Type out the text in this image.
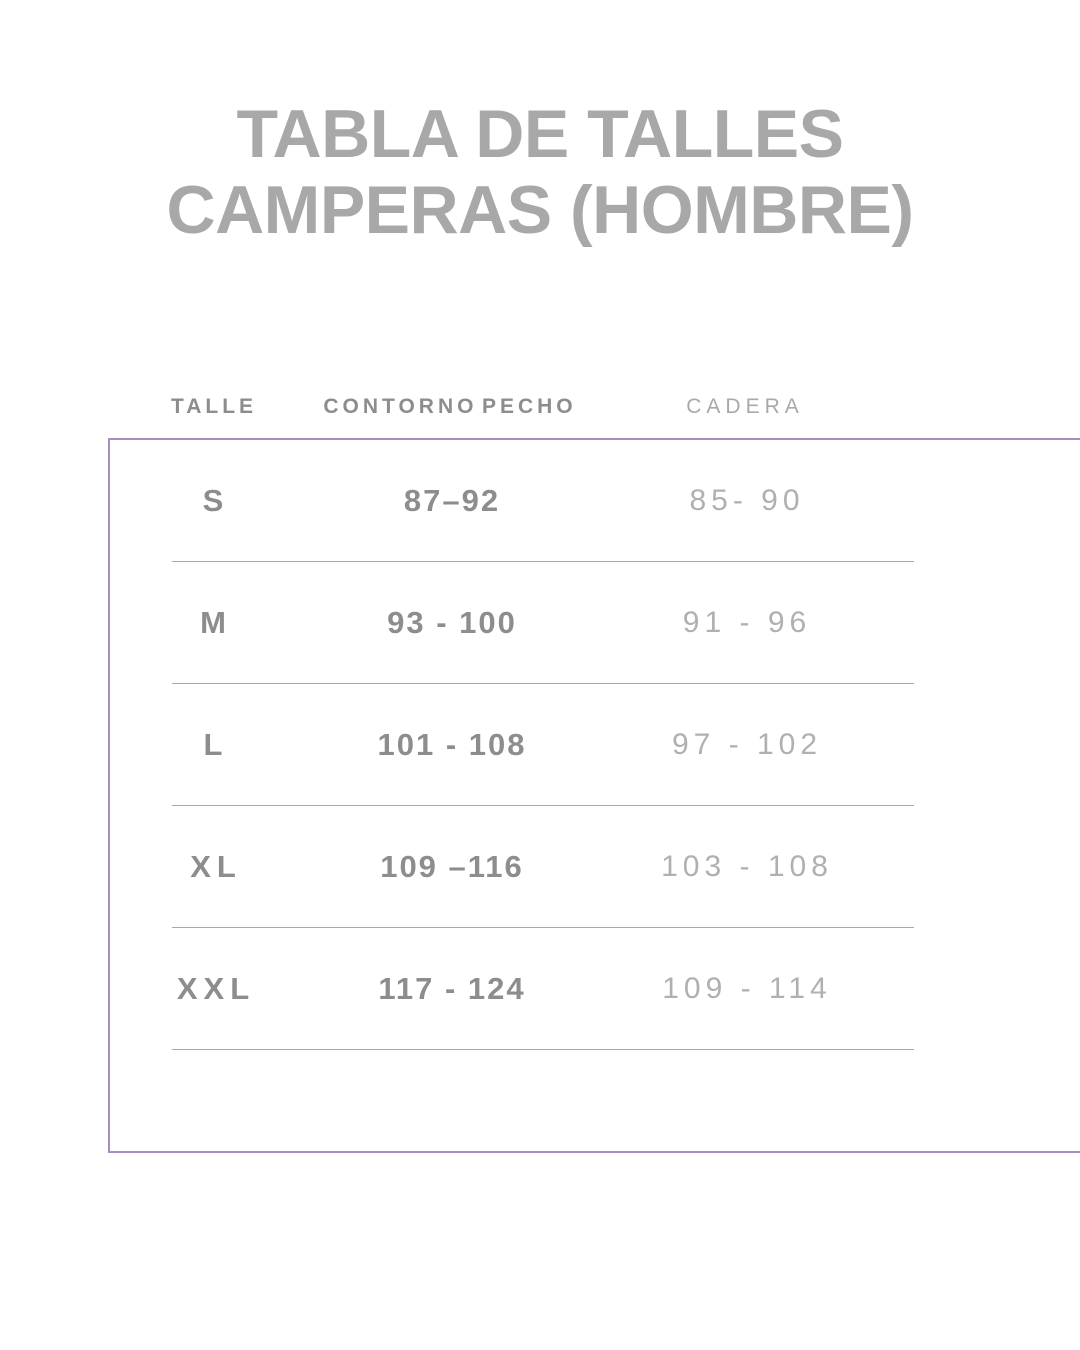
TABLA DE TALLES
CAMPERAS (HOMBRE)
TALLE	CONTORNO PECHO	CADERA
S	87–92	85- 90
M	93 - 100	91 - 96
L	101 - 108	97 - 102
XL	109 –116	103 - 108
XXL	117 - 124	109 - 114
